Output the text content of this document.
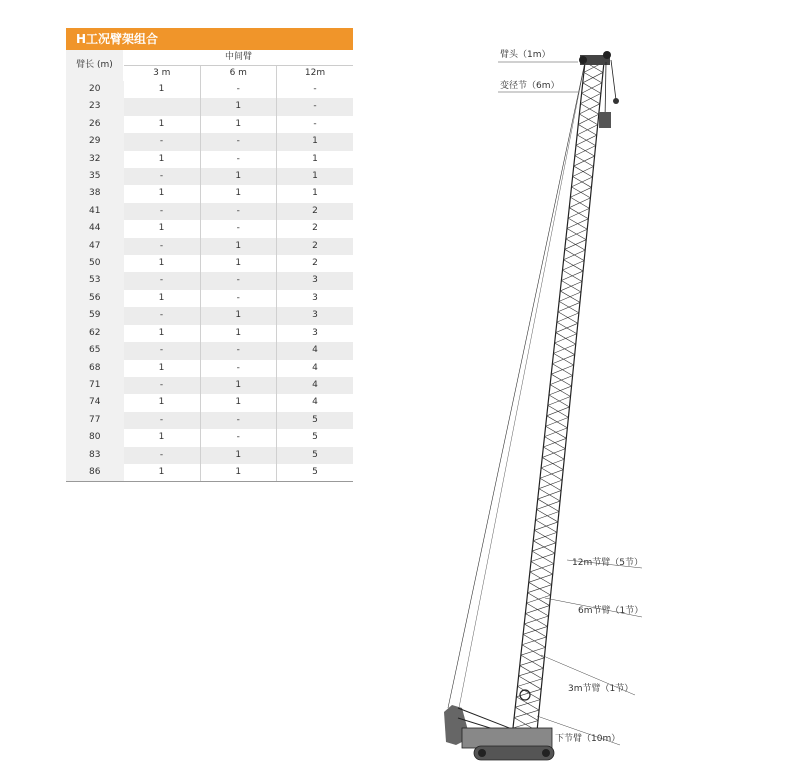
H工况臂架组合
臂长 (m)	中间臂		
	3 m	6 m	12m
20	1	-	-
23		1	-
26	1	1	-
29	-	-	1
32	1	-	1
35	-	1	1
38	1	1	1
41	-	-	2
44	1	-	2
47	-	1	2
50	1	1	2
53	-	-	3
56	1	-	3
59	-	1	3
62	1	1	3
65	-	-	4
68	1	-	4
71	-	1	4
74	1	1	4
77	-	-	5
80	1	-	5
83	-	1	5
86	1	1	5
臂头（1m）
变径节（6m）
12m节臂（5节）
6m节臂（1节）
3m节臂（1节）
下节臂（10m）
